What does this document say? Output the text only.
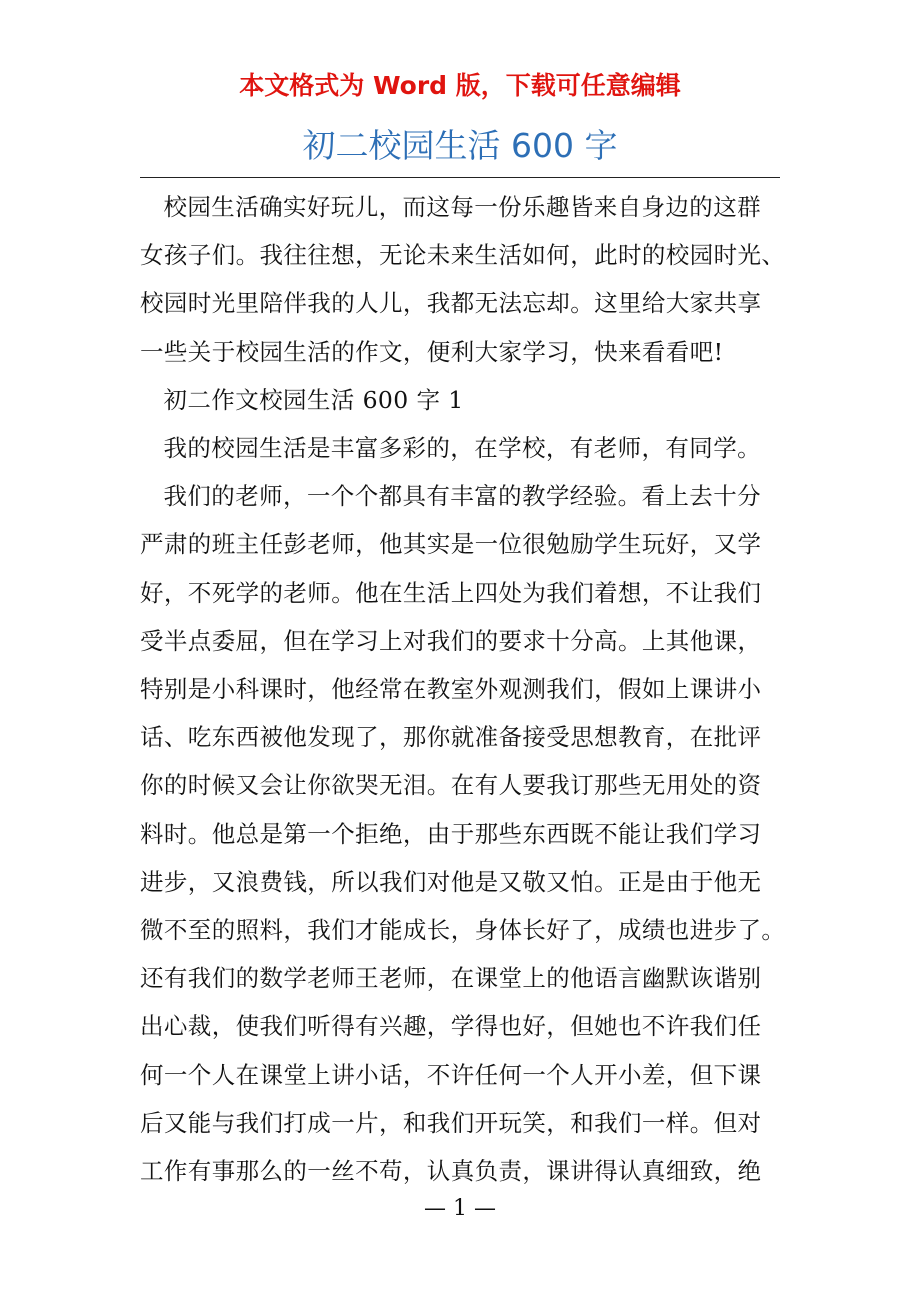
本文格式为 Word 版，下载可任意编辑
初二校园生活 600 字

校园生活确实好玩儿，而这每一份乐趣皆来自身边的这群

女孩子们。我往往想，无论未来生活如何，此时的校园时光、

校园时光里陪伴我的人儿，我都无法忘却。这里给大家共享

一些关于校园生活的作文，便利大家学习，快来看看吧!

初二作文校园生活 600 字 1

我的校园生活是丰富多彩的，在学校，有老师，有同学。

我们的老师，一个个都具有丰富的教学经验。看上去十分

严肃的班主任彭老师，他其实是一位很勉励学生玩好，又学

好，不死学的老师。他在生活上四处为我们着想，不让我们

受半点委屈，但在学习上对我们的要求十分高。上其他课，

特别是小科课时，他经常在教室外观测我们，假如上课讲小

话、吃东西被他发现了，那你就准备接受思想教育，在批评

你的时候又会让你欲哭无泪。在有人要我订那些无用处的资

料时。他总是第一个拒绝，由于那些东西既不能让我们学习

进步，又浪费钱，所以我们对他是又敬又怕。正是由于他无

微不至的照料，我们才能成长，身体长好了，成绩也进步了。

还有我们的数学老师王老师，在课堂上的他语言幽默诙谐别

出心裁，使我们听得有兴趣，学得也好，但她也不许我们任

何一个人在课堂上讲小话，不许任何一个人开小差，但下课

后又能与我们打成一片，和我们开玩笑，和我们一样。但对

工作有事那么的一丝不苟，认真负责，课讲得认真细致，绝

— 1 —
